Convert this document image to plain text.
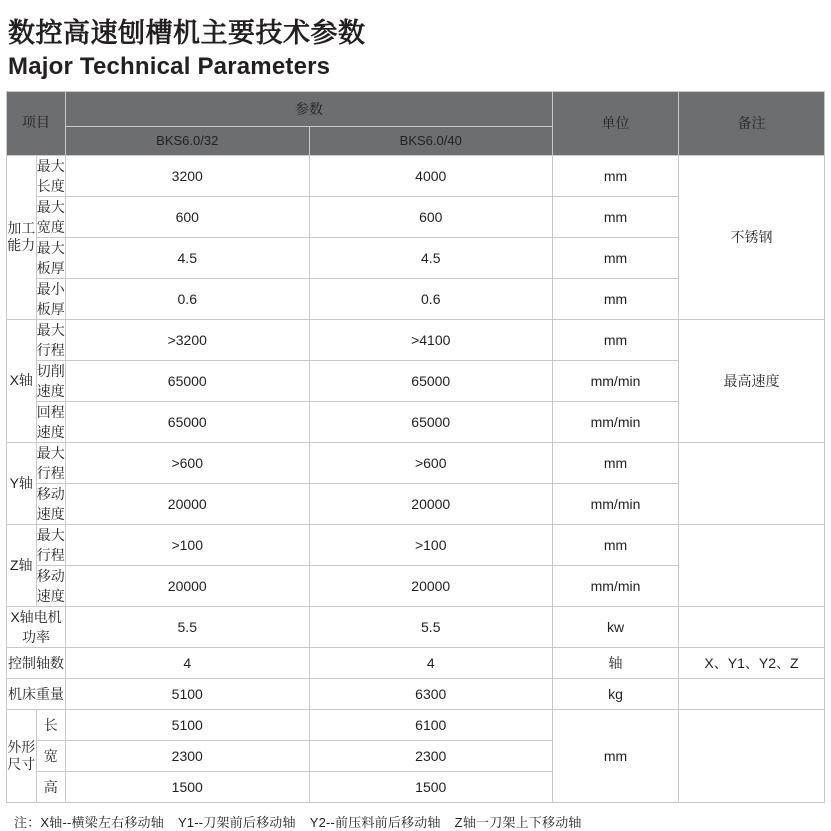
数控高速刨槽机主要技术参数
Major Technical Parameters
项目		参数		单位	备注
		BKS6.0/32	BKS6.0/40		

加工能力	最大长度	3200	4000	mm	不锈钢
	最大宽度	600	600	mm	
	最大板厚	4.5	4.5	mm	
	最小板厚	0.6	0.6	mm	

X轴	最大行程	>3200	>4100	mm	最高速度
	切削速度	65000	65000	mm/min	
	回程速度	65000	65000	mm/min	

Y轴	最大行程	>600	>600	mm	
	移动速度	20000	20000	mm/min	

Z轴	最大行程	>100	>100	mm	
	移动速度	20000	20000	mm/min	
X轴电机功率		5.5	5.5	kw	
控制轴数		4	4	轴	X、Y1、Y2、Z
机床重量		5100	6300	kg	

外形尺寸	长	5100	6100	mm	
	宽	2300	2300		
	高	1500	1500		
注：X轴--横梁左右移动轴 Y1--刀架前后移动轴 Y2--前压料前后移动轴 Z轴一刀架上下移动轴
